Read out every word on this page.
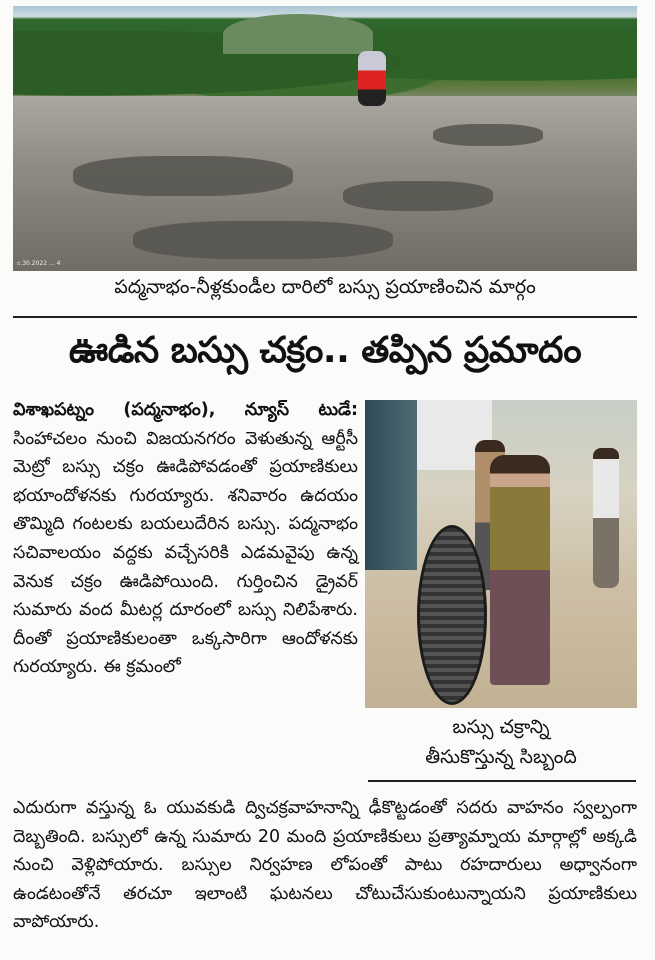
ನ.30.2022 ... 4
పద్మనాభం-నీళ్లకుండీల దారిలో బస్సు ప్రయాణించిన మార్గం
ఊడిన బస్సు చక్రం.. తప్పిన ప్రమాదం

విశాఖపట్నం (పద్మనాభం), న్యూస్ టుడే: సింహాచలం నుంచి విజయనగరం వెళుతున్న ఆర్టీసీ మెట్రో బస్సు చక్రం ఊడిపోవడంతో ప్రయాణికులు భయాందోళనకు గురయ్యారు. శనివారం ఉదయం తొమ్మిది గంటలకు బయలుదేరిన బస్సు. పద్మనాభం సచివాలయం వద్దకు వచ్చేసరికి ఎడమవైపు ఉన్న వెనుక చక్రం ఊడిపోయింది. గుర్తించిన డ్రైవర్ సుమారు వంద మీటర్ల దూరంలో బస్సు నిలిపేశారు. దీంతో ప్రయాణికులంతా ఒక్కసారిగా ఆందోళనకు గురయ్యారు. ఈ క్రమంలో

బస్సు చక్రాన్ని
తీసుకొస్తున్న సిబ్బంది

ఎదురుగా వస్తున్న ఓ యువకుడి ద్విచక్రవాహనాన్ని ఢీకొట్టడంతో సదరు వాహనం స్వల్పంగా దెబ్బతింది. బస్సులో ఉన్న సుమారు 20 మంది ప్రయాణికులు ప్రత్యామ్నాయ మార్గాల్లో అక్కడి నుంచి వెళ్లిపోయారు. బస్సుల నిర్వహణ లోపంతో పాటు రహదారులు అధ్వానంగా ఉండటంతోనే తరచూ ఇలాంటి ఘటనలు చోటుచేసుకుంటున్నాయని ప్రయాణికులు వాపోయారు.
